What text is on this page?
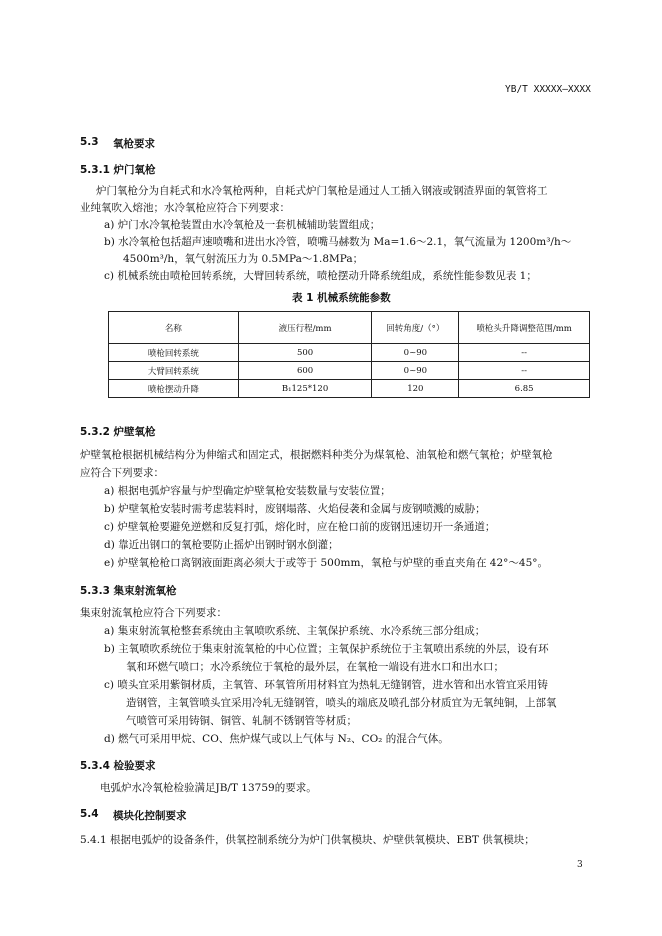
YB/T XXXXX—XXXX
5.3 氧枪要求
5.3.1 炉门氧枪
炉门氧枪分为自耗式和水冷氧枪两种，自耗式炉门氧枪是通过人工插入钢液或钢渣界面的氧管将工
业纯氧吹入熔池；水冷氧枪应符合下列要求：
a) 炉门水冷氧枪装置由水冷氧枪及一套机械辅助装置组成；
b) 水冷氧枪包括超声速喷嘴和进出水冷管，喷嘴马赫数为 Ma=1.6～2.1，氧气流量为 1200m³/h～
4500m³/h，氧气射流压力为 0.5MPa～1.8MPa；
c) 机械系统由喷枪回转系统，大臂回转系统，喷枪摆动升降系统组成，系统性能参数见表 1；
表 1 机械系统能参数
名称	液压行程/mm	回转角度/（°）	喷枪头升降调整范围/mm
喷枪回转系统	500	0~90	--
大臂回转系统	600	0~90	--
喷枪摆动升降	B₁125*120	120	6.85
5.3.2 炉壁氧枪
炉壁氧枪根据机械结构分为伸缩式和固定式，根据燃料种类分为煤氧枪、油氧枪和燃气氧枪；炉壁氧枪
应符合下列要求：
a) 根据电弧炉容量与炉型确定炉壁氧枪安装数量与安装位置；
b) 炉壁氧枪安装时需考虑装料时，废钢塌落、火焰侵袭和金属与废钢喷溅的威胁；
c) 炉壁氧枪要避免逆燃和反复打弧，熔化时，应在枪口前的废钢迅速切开一条通道；
d) 靠近出钢口的氧枪要防止摇炉出钢时钢水倒灌；
e) 炉壁氧枪枪口离钢液面距离必须大于或等于 500mm，氧枪与炉壁的垂直夹角在 42°～45°。
5.3.3 集束射流氧枪
集束射流氧枪应符合下列要求：
a) 集束射流氧枪整套系统由主氧喷吹系统、主氧保护系统、水冷系统三部分组成；
b) 主氧喷吹系统位于集束射流氧枪的中心位置；主氧保护系统位于主氧喷出系统的外层，设有环
氧和环燃气喷口；水冷系统位于氧枪的最外层，在氧枪一端设有进水口和出水口；
c) 喷头宜采用紫铜材质，主氧管、环氧管所用材料宜为热轧无缝钢管，进水管和出水管宜采用铸
造钢管，主氧管喷头宜采用冷轧无缝钢管，喷头的端底及喷孔部分材质宜为无氧纯铜，上部氧
气喷管可采用铸铜、铜管、轧制不锈钢管等材质；
d) 燃气可采用甲烷、CO、焦炉煤气或以上气体与 N₂、CO₂ 的混合气体。
5.3.4 检验要求
电弧炉水冷氧枪检验满足JB/T 13759的要求。
5.4 模块化控制要求
5.4.1 根据电弧炉的设备条件，供氧控制系统分为炉门供氧模块、炉壁供氧模块、EBT 供氧模块；
3
